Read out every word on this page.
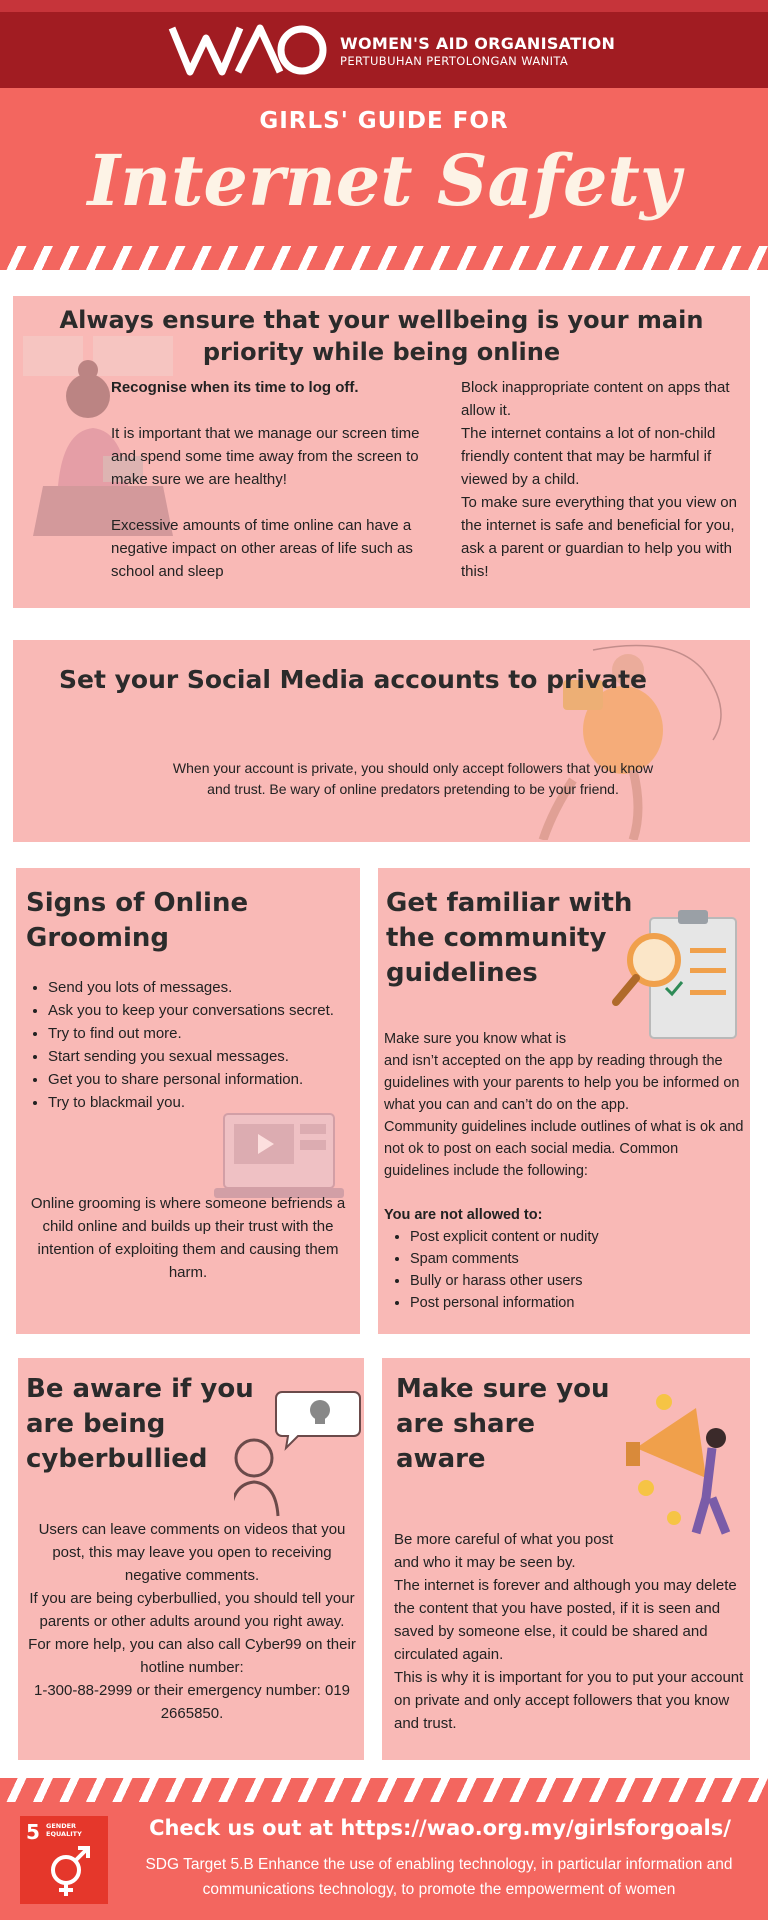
WOMEN'S AID ORGANISATION
PERTUBUHAN PERTOLONGAN WANITA
GIRLS' GUIDE FOR
Internet Safety
Always ensure that your wellbeing is your main priority while being online
Recognise when its time to log off.
It is important that we manage our screen time and spend some time away from the screen to make sure we are healthy!
Excessive amounts of time online can have a negative impact on other areas of life such as school and sleep
Block inappropriate content on apps that allow it.
The internet contains a lot of non-child friendly content that may be harmful if viewed by a child.
To make sure everything that you view on the internet is safe and beneficial for you, ask a parent or guardian to help you with this!
Set your Social Media accounts to private
When your account is private, you should only accept followers that you know and trust. Be wary of online predators pretending to be your friend.
Signs of Online Grooming
• Send you lots of messages.
• Ask you to keep your conversations secret.
• Try to find out more.
• Start sending you sexual messages.
• Get you to share personal information.
• Try to blackmail you.
Online grooming is where someone befriends a child online and builds up their trust with the intention of exploiting them and causing them harm.
Get familiar with the community guidelines
Make sure you know what is
and isn’t accepted on the app by reading through the guidelines with your parents to help you be informed on what you can and can’t do on the app.
Community guidelines include outlines of what is ok and not ok to post on each social media. Common guidelines include the following:
You are not allowed to:
• Post explicit content or nudity
• Spam comments
• Bully or harass other users
• Post personal information
Be aware if you are being cyberbullied
Users can leave comments on videos that you post, this may leave you open to receiving negative comments.
If you are being cyberbullied, you should tell your parents or other adults around you right away.
For more help, you can also call Cyber99 on their hotline number:
1-300-88-2999 or their emergency number: 019 2665850.
Make sure you are share aware
Be more careful of what you post
and who it may be seen by.
The internet is forever and although you may delete the content that you have posted, if it is seen and saved by someone else, it could be shared and circulated again.
This is why it is important for you to put your account on private and only accept followers that you know and trust.
5 GENDER
EQUALITY	Check us out at https://wao.org.my/girlsforgoals/
SDG Target 5.B Enhance the use of enabling technology, in particular information and communications technology, to promote the empowerment of women
